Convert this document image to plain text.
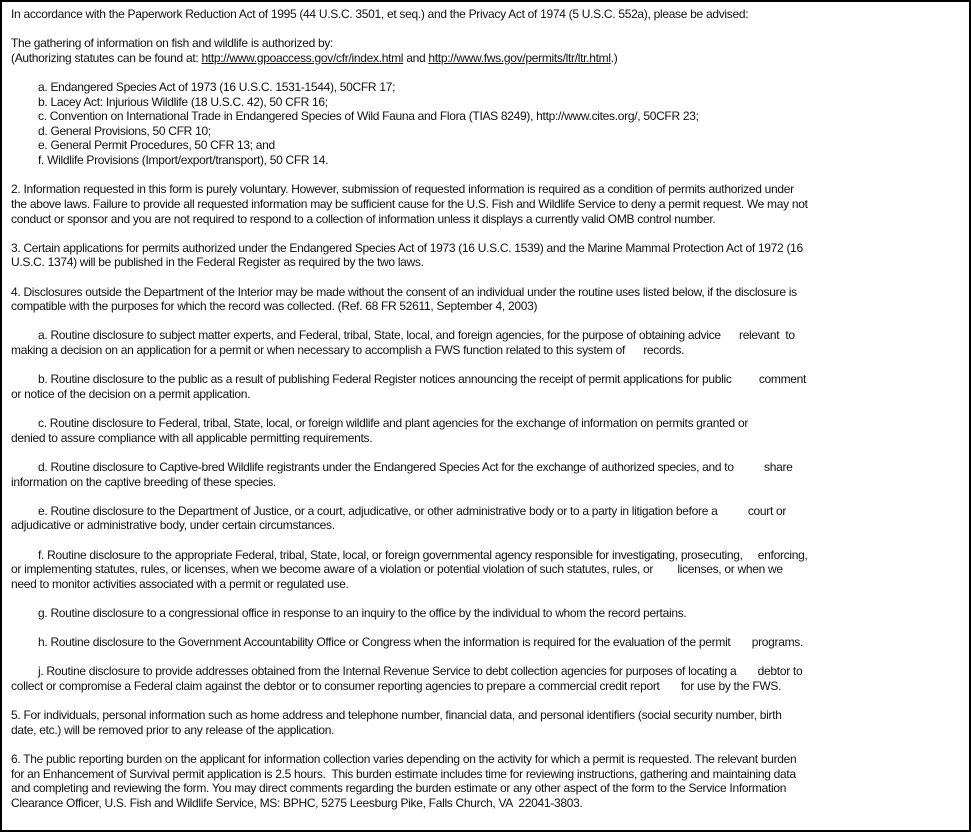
In accordance with the Paperwork Reduction Act of 1995 (44 U.S.C. 3501, et seq.) and the Privacy Act of 1974 (5 U.S.C. 552a), please be advised:
The gathering of information on fish and wildlife is authorized by:
(Authorizing statutes can be found at: http://www.gpoaccess.gov/cfr/index.html and http://www.fws.gov/permits/ltr/ltr.html.)
a. Endangered Species Act of 1973 (16 U.S.C. 1531-1544), 50CFR 17;
b. Lacey Act: Injurious Wildlife (18 U.S.C. 42), 50 CFR 16;
c. Convention on International Trade in Endangered Species of Wild Fauna and Flora (TIAS 8249), http://www.cites.org/, 50CFR 23;
d. General Provisions, 50 CFR 10;
e. General Permit Procedures, 50 CFR 13; and
f. Wildlife Provisions (Import/export/transport), 50 CFR 14.
2. Information requested in this form is purely voluntary. However, submission of requested information is required as a condition of permits authorized under
the above laws. Failure to provide all requested information may be sufficient cause for the U.S. Fish and Wildlife Service to deny a permit request. We may not
conduct or sponsor and you are not required to respond to a collection of information unless it displays a currently valid OMB control number.
3. Certain applications for permits authorized under the Endangered Species Act of 1973 (16 U.S.C. 1539) and the Marine Mammal Protection Act of 1972 (16
U.S.C. 1374) will be published in the Federal Register as required by the two laws.
4. Disclosures outside the Department of the Interior may be made without the consent of an individual under the routine uses listed below, if the disclosure is
compatible with the purposes for which the record was collected. (Ref. 68 FR 52611, September 4, 2003)
a. Routine disclosure to subject matter experts, and Federal, tribal, State, local, and foreign agencies, for the purpose of obtaining advice      relevant  to
making a decision on an application for a permit or when necessary to accomplish a FWS function related to this system of      records.
b. Routine disclosure to the public as a result of publishing Federal Register notices announcing the receipt of permit applications for public         comment
or notice of the decision on a permit application.
c. Routine disclosure to Federal, tribal, State, local, or foreign wildlife and plant agencies for the exchange of information on permits granted or
denied to assure compliance with all applicable permitting requirements.
d. Routine disclosure to Captive-bred Wildlife registrants under the Endangered Species Act for the exchange of authorized species, and to          share
information on the captive breeding of these species.
e. Routine disclosure to the Department of Justice, or a court, adjudicative, or other administrative body or to a party in litigation before a          court or
adjudicative or administrative body, under certain circumstances.
f. Routine disclosure to the appropriate Federal, tribal, State, local, or foreign governmental agency responsible for investigating, prosecuting,     enforcing,
or implementing statutes, rules, or licenses, when we become aware of a violation or potential violation of such statutes, rules, or        licenses, or when we
need to monitor activities associated with a permit or regulated use.
g. Routine disclosure to a congressional office in response to an inquiry to the office by the individual to whom the record pertains.
h. Routine disclosure to the Government Accountability Office or Congress when the information is required for the evaluation of the permit       programs.
j. Routine disclosure to provide addresses obtained from the Internal Revenue Service to debt collection agencies for purposes of locating a       debtor to
collect or compromise a Federal claim against the debtor or to consumer reporting agencies to prepare a commercial credit report       for use by the FWS.
5. For individuals, personal information such as home address and telephone number, financial data, and personal identifiers (social security number, birth
date, etc.) will be removed prior to any release of the application.
6. The public reporting burden on the applicant for information collection varies depending on the activity for which a permit is requested. The relevant burden
for an Enhancement of Survival permit application is 2.5 hours.  This burden estimate includes time for reviewing instructions, gathering and maintaining data
and completing and reviewing the form. You may direct comments regarding the burden estimate or any other aspect of the form to the Service Information
Clearance Officer, U.S. Fish and Wildlife Service, MS: BPHC, 5275 Leesburg Pike, Falls Church, VA  22041-3803.
